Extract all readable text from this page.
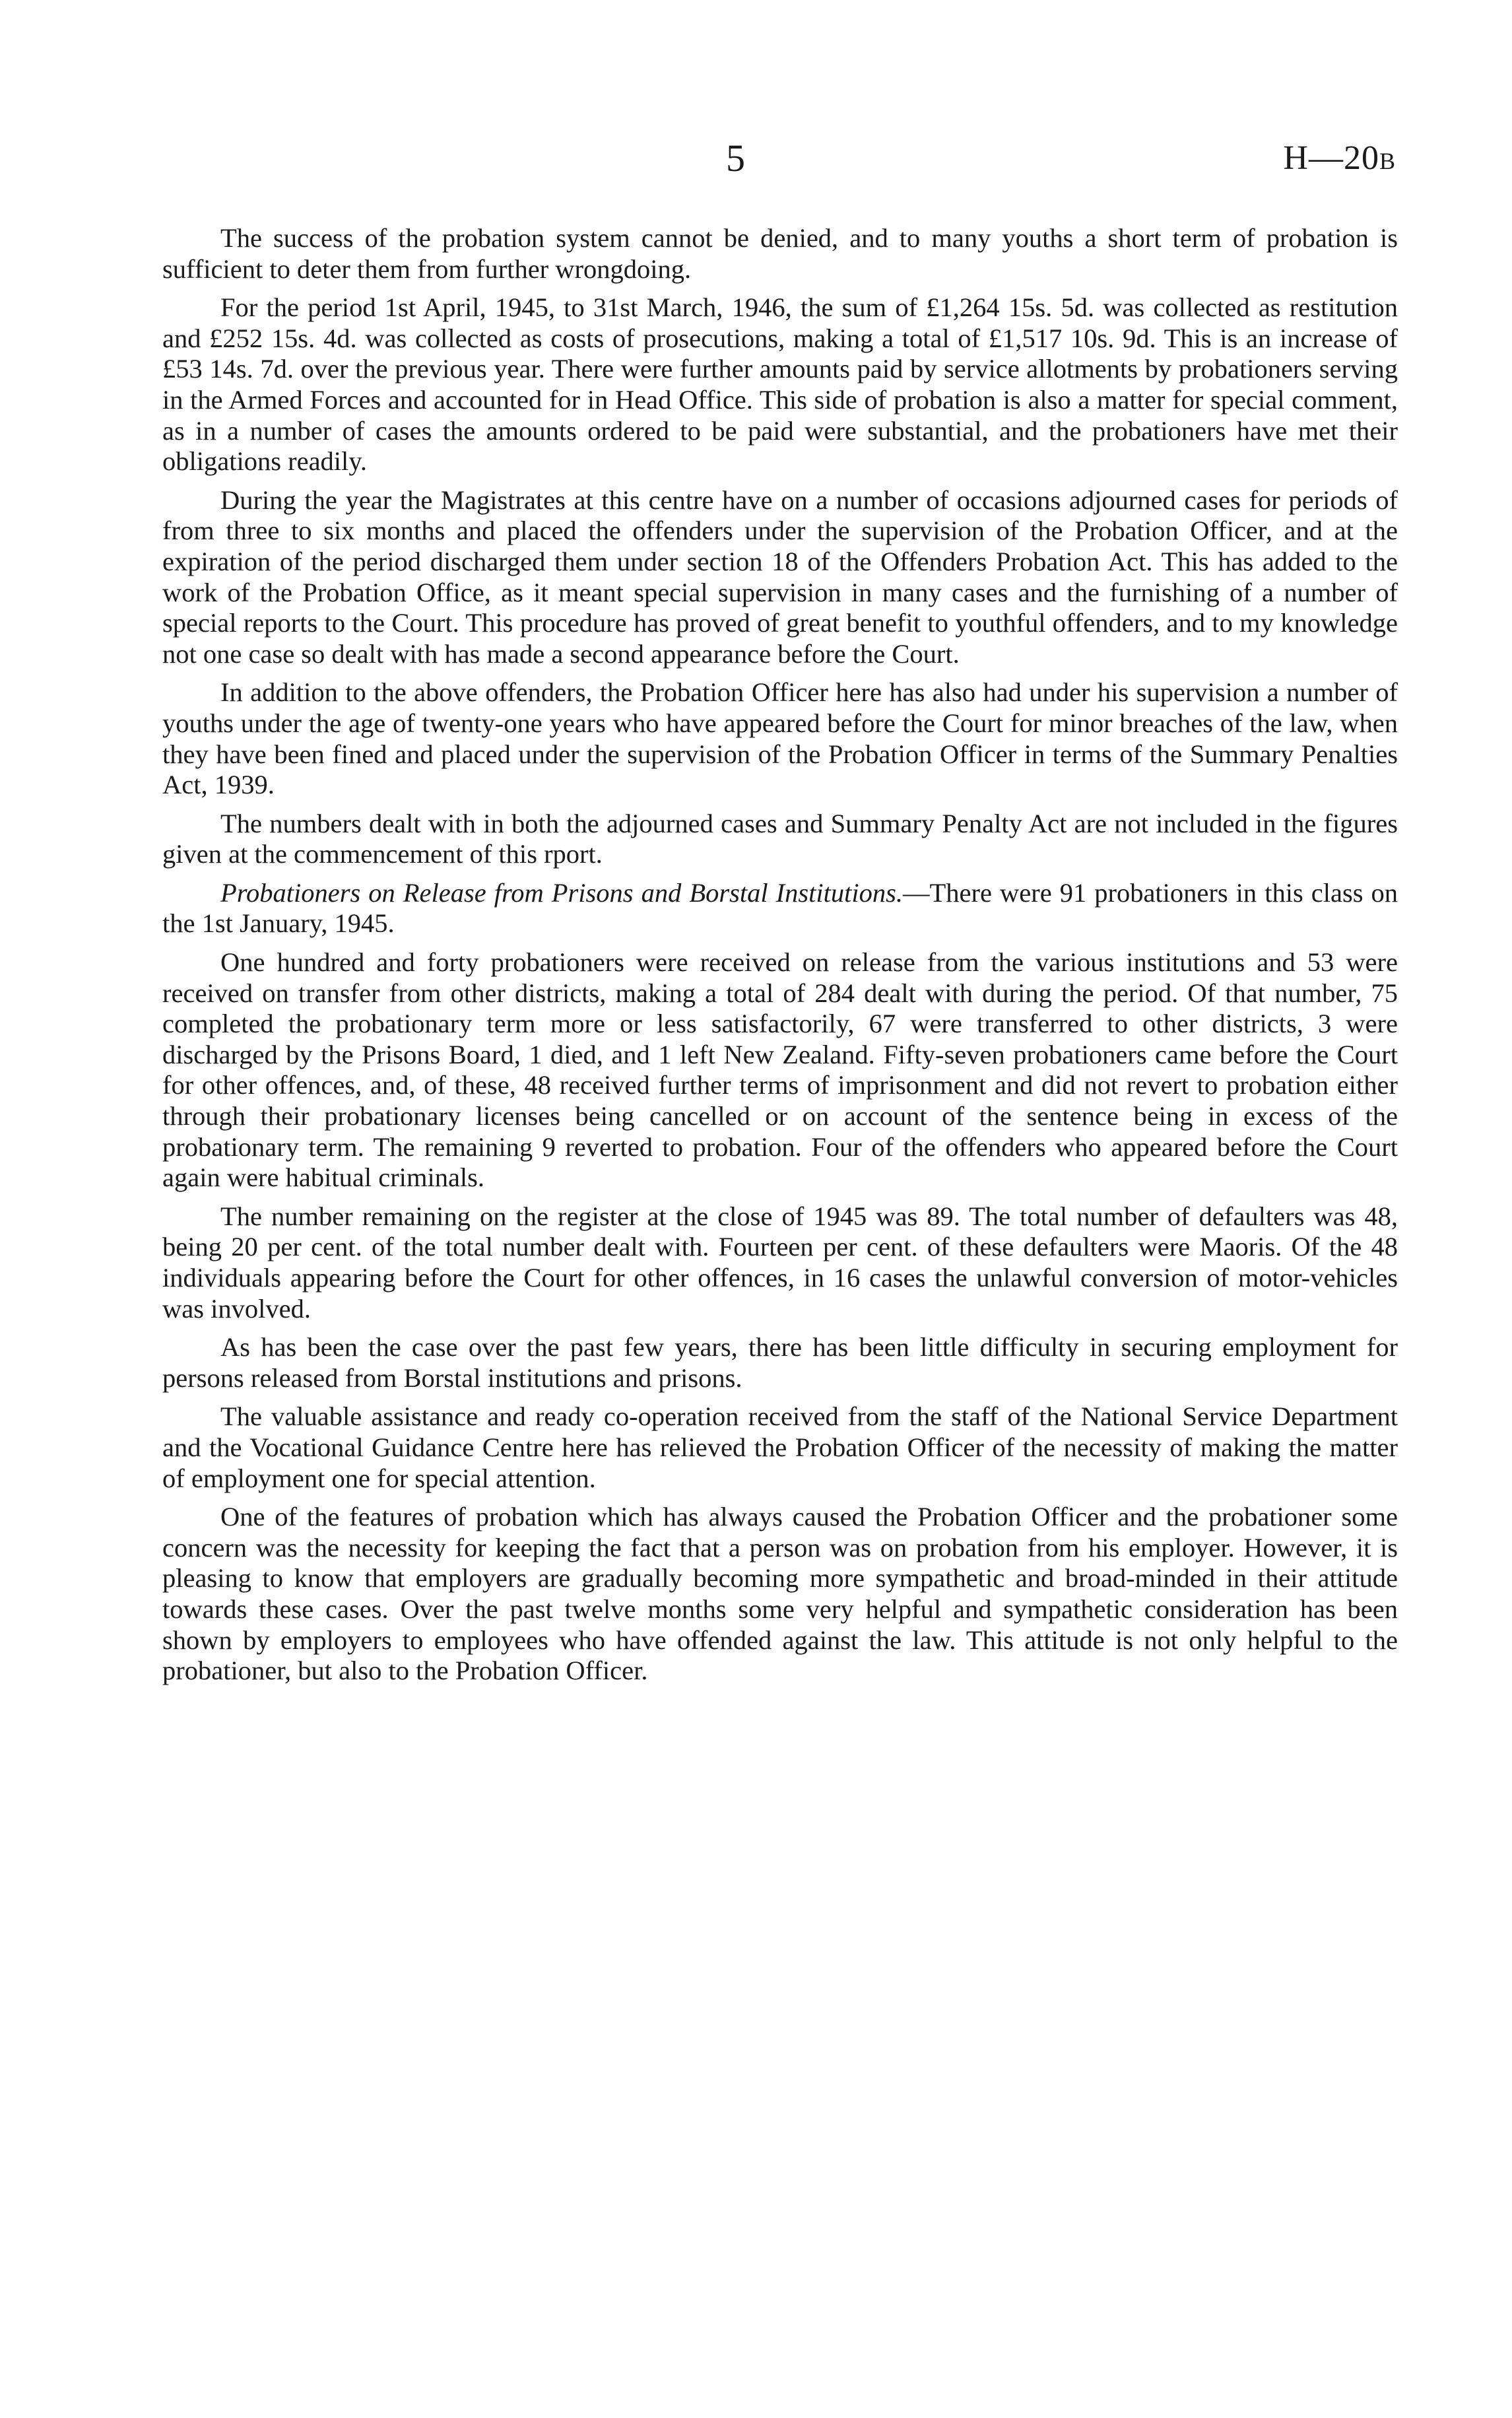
5	H—20B

The success of the probation system cannot be denied, and to many youths a short term of probation is sufficient to deter them from further wrongdoing.

For the period 1st April, 1945, to 31st March, 1946, the sum of £1,264 15s. 5d. was collected as restitution and £252 15s. 4d. was collected as costs of prosecutions, making a total of £1,517 10s. 9d. This is an increase of £53 14s. 7d. over the previous year. There were further amounts paid by service allotments by probationers serving in the Armed Forces and accounted for in Head Office. This side of probation is also a matter for special comment, as in a number of cases the amounts ordered to be paid were substantial, and the probationers have met their obligations readily.

During the year the Magistrates at this centre have on a number of occasions adjourned cases for periods of from three to six months and placed the offenders under the supervision of the Probation Officer, and at the expiration of the period discharged them under section 18 of the Offenders Probation Act. This has added to the work of the Probation Office, as it meant special supervision in many cases and the furnishing of a number of special reports to the Court. This procedure has proved of great benefit to youthful offenders, and to my knowledge not one case so dealt with has made a second appearance before the Court.

In addition to the above offenders, the Probation Officer here has also had under his supervision a number of youths under the age of twenty-one years who have appeared before the Court for minor breaches of the law, when they have been fined and placed under the supervision of the Probation Officer in terms of the Summary Penalties Act, 1939.

The numbers dealt with in both the adjourned cases and Summary Penalty Act are not included in the figures given at the commencement of this rport.

Probationers on Release from Prisons and Borstal Institutions.—There were 91 probationers in this class on the 1st January, 1945.

One hundred and forty probationers were received on release from the various institutions and 53 were received on transfer from other districts, making a total of 284 dealt with during the period. Of that number, 75 completed the probationary term more or less satisfactorily, 67 were transferred to other districts, 3 were discharged by the Prisons Board, 1 died, and 1 left New Zealand. Fifty-seven probationers came before the Court for other offences, and, of these, 48 received further terms of imprisonment and did not revert to probation either through their probationary licenses being cancelled or on account of the sentence being in excess of the probationary term. The remaining 9 reverted to probation. Four of the offenders who appeared before the Court again were habitual criminals.

The number remaining on the register at the close of 1945 was 89. The total number of defaulters was 48, being 20 per cent. of the total number dealt with. Fourteen per cent. of these defaulters were Maoris. Of the 48 individuals appearing before the Court for other offences, in 16 cases the unlawful conversion of motor-vehicles was involved.

As has been the case over the past few years, there has been little difficulty in securing employment for persons released from Borstal institutions and prisons.

The valuable assistance and ready co-operation received from the staff of the National Service Department and the Vocational Guidance Centre here has relieved the Probation Officer of the necessity of making the matter of employment one for special attention.

One of the features of probation which has always caused the Probation Officer and the probationer some concern was the necessity for keeping the fact that a person was on probation from his employer. However, it is pleasing to know that employers are gradually becoming more sympathetic and broad-minded in their attitude towards these cases. Over the past twelve months some very helpful and sympathetic consideration has been shown by employers to employees who have offended against the law. This attitude is not only helpful to the probationer, but also to the Probation Officer.
